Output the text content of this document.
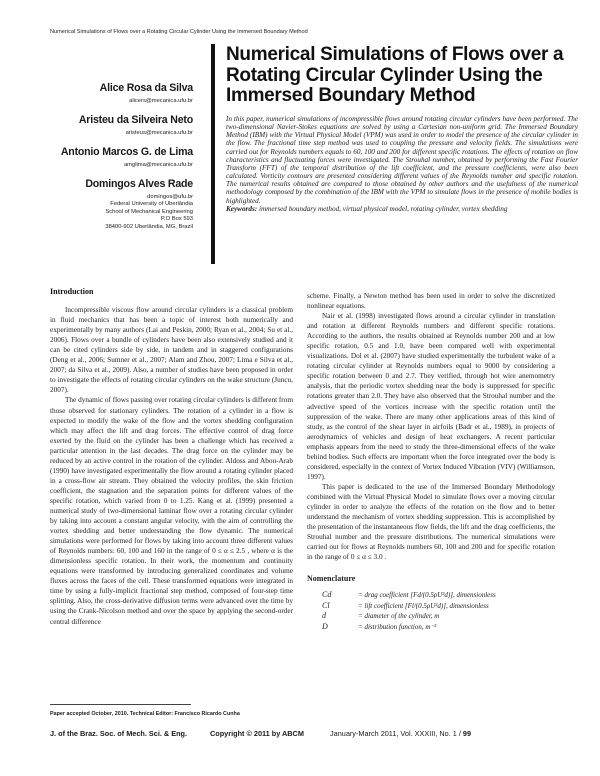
Numerical Simulations of Flows over a Rotating Circular Cylinder Using the Immersed Boundary Method

Alice Rosa da Silva

alicers@mecanica.ufu.br

Aristeu da Silveira Neto

aristeus@mecanica.ufu.br

Antonio Marcos G. de Lima

amglima@mecanica.ufu.br

Domingos Alves Rade

domingos@ufu.br

Federal University of Uberlândia
School of Mechanical Engineering
P.O Box 593
38400-902 Uberlândia, MG, Brazil
Numerical Simulations of Flows over a Rotating Circular Cylinder Using the Immersed Boundary Method

In this paper, numerical simulations of incompressible flows around rotating circular cylinders have been performed. The two-dimensional Navier-Stokes equations are solved by using a Cartesian non-uniform grid. The Immersed Boundary Method (IBM) with the Virtual Physical Model (VPM) was used in order to model the presence of the circular cylinder in the flow. The fractional time step method was used to coupling the pressure and velocity fields. The simulations were carried out for Reynolds numbers equals to 60, 100 and 200 for different specific rotations. The effects of rotation on flow characteristics and fluctuating forces were investigated. The Strouhal number, obtained by performing the Fast Fourier Transform (FFT) of the temporal distribution of the lift coefficient, and the pressure coefficients, were also been calculated. Vorticity contours are presented considering different values of the Reynolds number and specific rotation. The numerical results obtained are compared to those obtained by other authors and the usefulness of the numerical methodology composed by the combination of the IBM with the VPM to simulate flows in the presence of mobile bodies is highlighted.
Keywords: immersed boundary method, virtual physical model, rotating cylinder, vortex shedding

Introduction

Incompressible viscous flow around circular cylinders is a classical problem in fluid mechanics that has been a topic of interest both numerically and experimentally by many authors (Lai and Peskin, 2000; Ryan et al., 2004; Su et al., 2006). Flows over a bundle of cylinders have been also extensively studied and it can be cited cylinders side by side, in tandem and in staggered configurations (Deng et al., 2006; Sumner et al., 2007; Alam and Zhou, 2007; Lima e Silva et al., 2007; da Silva et al., 2009). Also, a number of studies have been proposed in order to investigate the effects of rotating circular cylinders on the wake structure (Juncu, 2007).

The dynamic of flows passing over rotating circular cylinders is different from those observed for stationary cylinders. The rotation of a cylinder in a flow is expected to modify the wake of the flow and the vortex shedding configuration which may affect the lift and drag forces. The effective control of drag force exerted by the fluid on the cylinder has been a challenge which has received a particular attention in the last decades. The drag force on the cylinder may be reduced by an active control in the rotation of the cylinder. Aldoss and Abou-Arab (1990) have investigated experimentally the flow around a rotating cylinder placed in a cross-flow air stream. They obtained the velocity profiles, the skin friction coefficient, the stagnation and the separation points for different values of the specific rotation, which varied from 0 to 1.25. Kang et al. (1999) presented a numerical study of two-dimensional laminar flow over a rotating circular cylinder by taking into account a constant angular velocity, with the aim of controlling the vortex shedding and better understanding the flow dynamic. The numerical simulations were performed for flows by taking into account three different values of Reynolds numbers: 60, 100 and 160 in the range of 0 ≤ α ≤ 2.5 , where α is the dimensionless specific rotation. In their work, the momentum and continuity equations were transformed by introducing generalized coordinates and volume fluxes across the faces of the cell. These transformed equations were integrated in time by using a fully-implicit fractional step method, composed of four-step time splitting. Also, the cross-derivative diffusion terms were advanced over the time by using the Crank-Nicolson method and over the space by applying the second-order central difference

scheme. Finally, a Newton method has been used in order to solve the discretized nonlinear equations.

Nair et al. (1998) investigated flows around a circular cylinder in translation and rotation at different Reynolds numbers and different specific rotations. According to the authors, the results obtained at Reynolds number 200 and at low specific rotation, 0.5 and 1.0, have been compared well with experimental visualizations. Dol et al. (2007) have studied experimentally the turbulent wake of a rotating circular cylinder at Reynolds numbers equal to 9000 by considering a specific rotation between 0 and 2.7. They verified, through hot wire anemometry analysis, that the periodic vortex shedding near the body is suppressed for specific rotations greater than 2.0. They have also observed that the Strouhal number and the advective speed of the vortices increase with the specific rotation until the suppression of the wake. There are many other applications areas of this kind of study, as the control of the shear layer in airfoils (Badr et al., 1989), in projects of aerodynamics of vehicles and design of heat exchangers. A recent particular emphasis appears from the need to study the three-dimensional effects of the wake behind bodies. Such effects are important when the force integrated over the body is considered, especially in the context of Vortex Induced Vibration (VIV) (Williamson, 1997).

This paper is dedicated to the use of the Immersed Boundary Methodology combined with the Virtual Physical Model to simulate flows over a moving circular cylinder in order to analyze the effects of the rotation on the flow and to better understand the mechanism of vortex shedding suppression. This is accomplished by the presentation of the instantaneous flow fields, the lift and the drag coefficients, the Strouhal number and the pressure distributions. The numerical simulations were carried out for flows at Reynolds numbers 60, 100 and 200 and for specific rotation in the range of 0 ≤ α ≤ 3.0 .

Nomenclature
Cd	= drag coefficient [Fd/(0.5ρU²d)], dimensionless
Cl	= lift coefficient [Fl/(0.5ρU²d)], dimensionless
d	= diameter of the cylinder, m
D	= distribution function, m⁻²
Paper accepted October, 2010. Technical Editor: Francisco Ricardo Cunha
J. of the Braz. Soc. of Mech. Sci. & Eng.	Copyright © 2011 by ABCM	January-March 2011, Vol. XXXIII, No. 1 / 99
